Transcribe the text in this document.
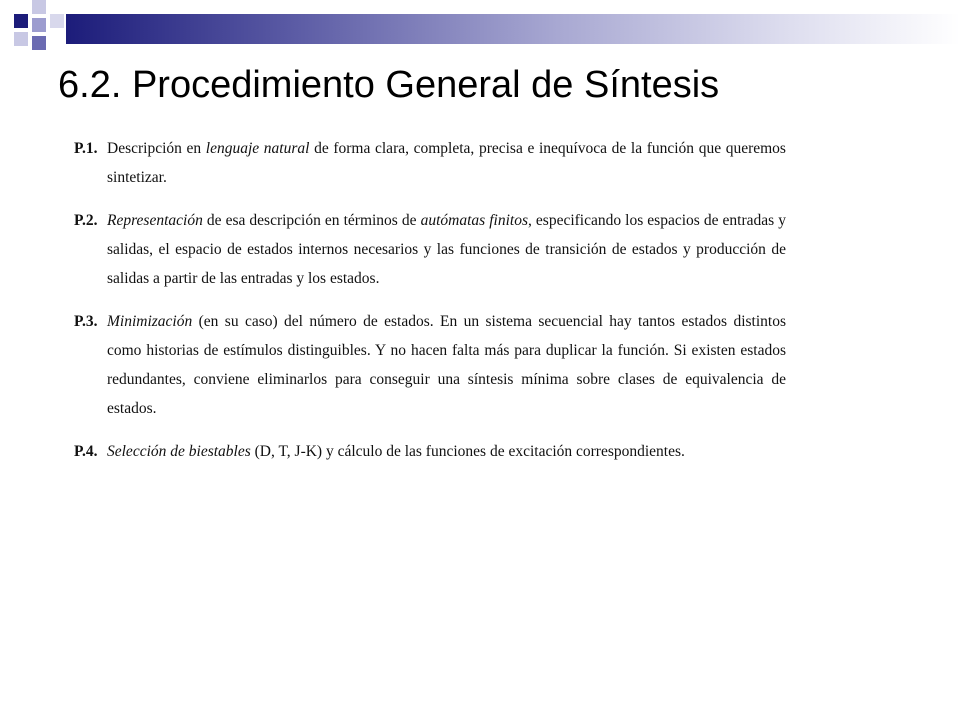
6.2. Procedimiento General de Síntesis
P.1. Descripción en lenguaje natural de forma clara, completa, precisa e inequívoca de la función que queremos sintetizar.
P.2. Representación de esa descripción en términos de autómatas finitos, especificando los espacios de entradas y salidas, el espacio de estados internos necesarios y las funciones de transición de estados y producción de salidas a partir de las entradas y los estados.
P.3. Minimización (en su caso) del número de estados. En un sistema secuencial hay tantos estados distintos como historias de estímulos distinguibles. Y no hacen falta más para duplicar la función. Si existen estados redundantes, conviene eliminarlos para conseguir una síntesis mínima sobre clases de equivalencia de estados.
P.4. Selección de biestables (D, T, J-K) y cálculo de las funciones de excitación correspondientes.
